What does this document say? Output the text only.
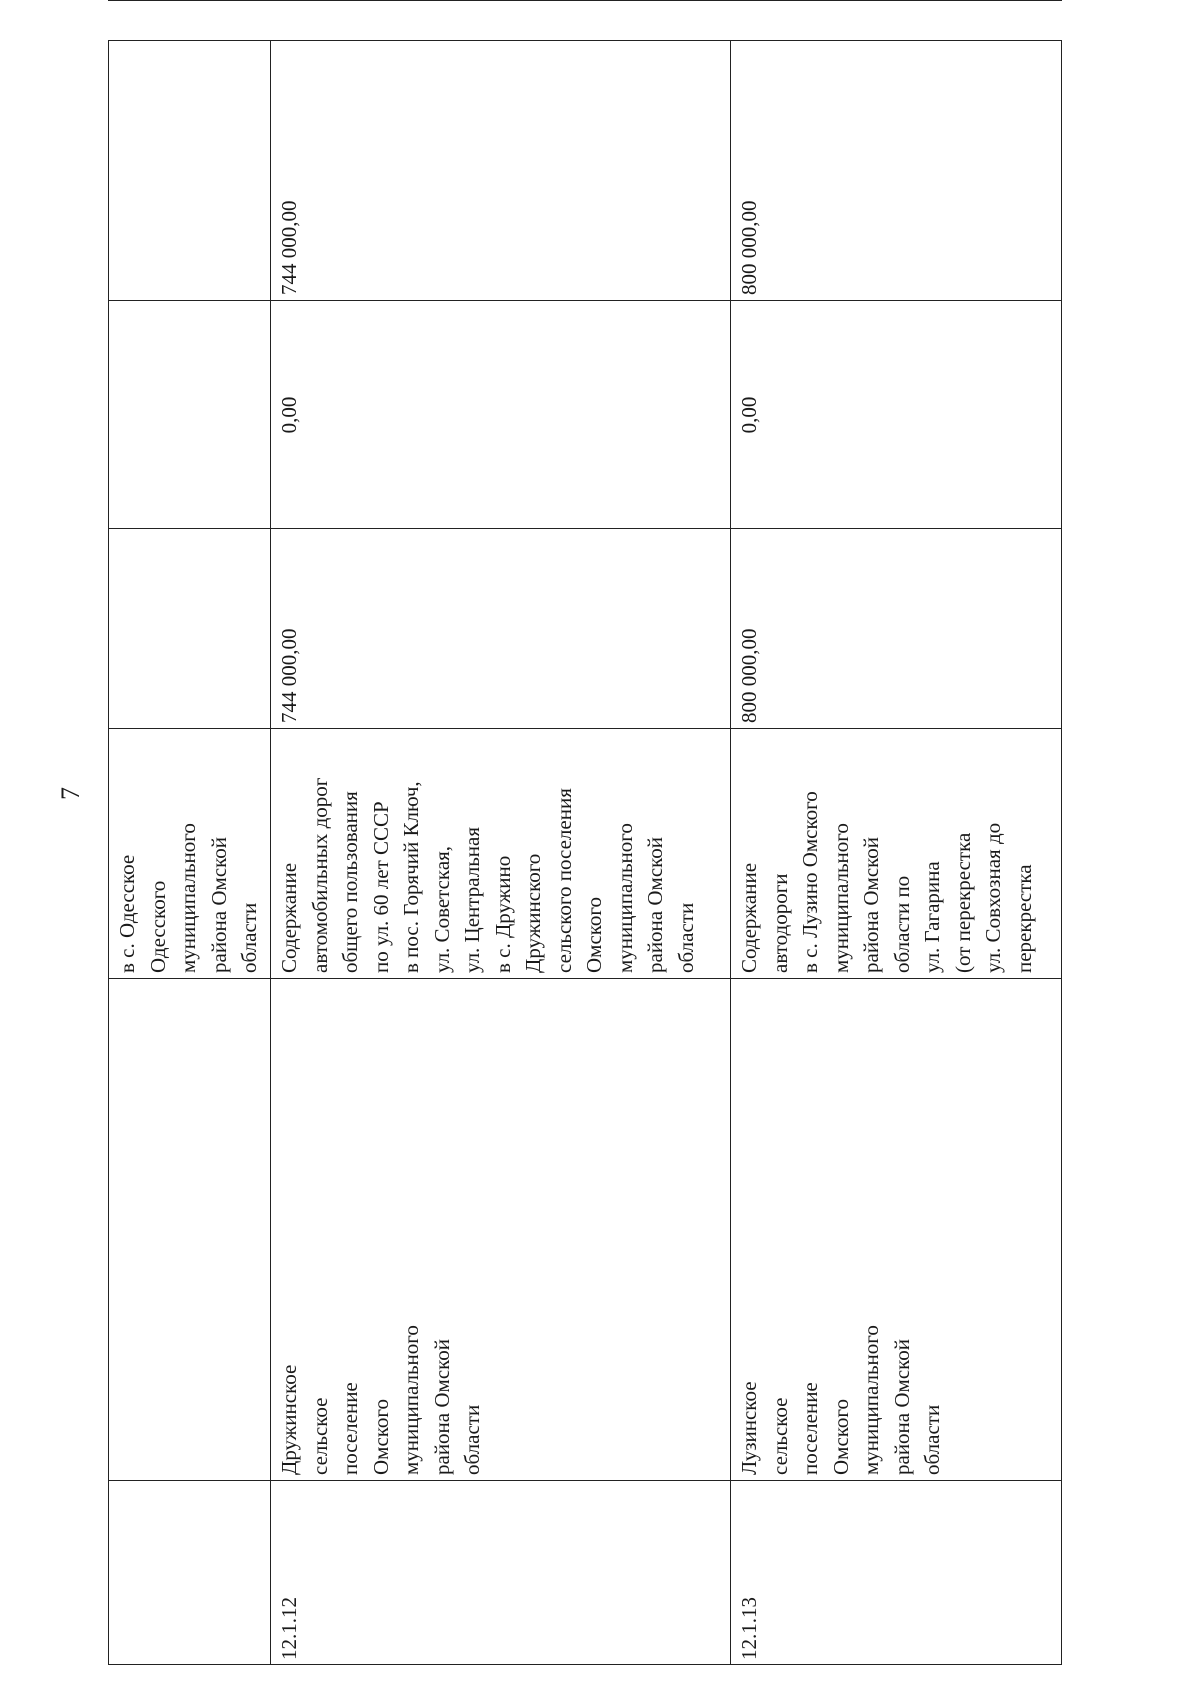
7
в с. Одесское Одесского муниципального района Омской области
12.1.12
Дружинское сельское поселение Омского муниципального района Омской области
Содержание автомобильных дорог общего пользования по ул. 60 лет СССР в пос. Горячий Ключ, ул. Советская, ул. Центральная в с. Дружино Дружинского сельского поселения Омского муниципального района Омской области
744 000,00
0,00
744 000,00
12.1.13
Лузинское сельское поселение Омского муниципального района Омской области
Содержание автодороги в с. Лузино Омского муниципального района Омской области по ул. Гагарина (от перекрестка ул. Совхозная до перекрестка
800 000,00
0,00
800 000,00
